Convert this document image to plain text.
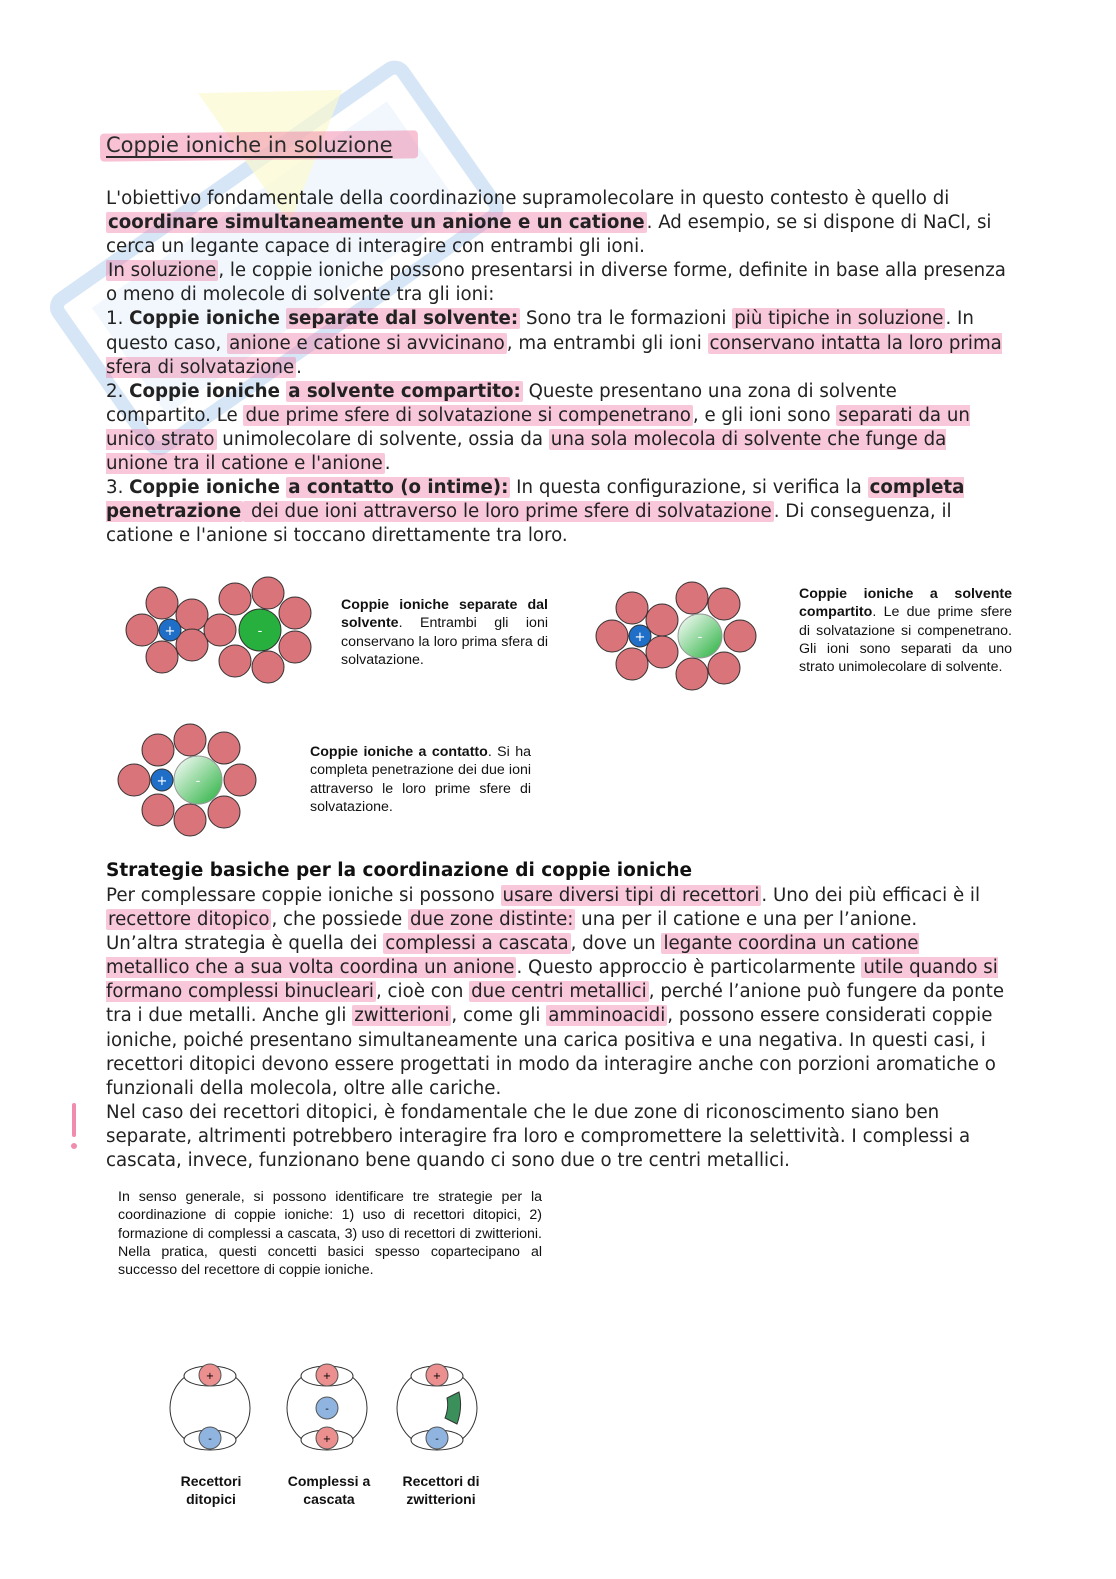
Coppie ioniche in soluzione

L'obiettivo fondamentale della coordinazione supramolecolare in questo contesto è quello di coordinare simultaneamente un anione e un catione . Ad esempio, se si dispone di NaCl, si cerca un legante capace di interagire con entrambi gli ioni.

In soluzione , le coppie ioniche possono presentarsi in diverse forme, definite in base alla presenza o meno di molecole di solvente tra gli ioni:

1. Coppie ioniche separate dal solvente: Sono tra le formazioni più tipiche in soluzione . In questo caso, anione e catione si avvicinano , ma entrambi gli ioni conservano intatta la loro prima sfera di solvatazione .

2. Coppie ioniche a solvente compartito: Queste presentano una zona di solvente compartito. Le due prime sfere di solvatazione si compenetrano , e gli ioni sono separati da un unico strato unimolecolare di solvente, ossia da una sola molecola di solvente che funge da unione tra il catione e l'anione .

3. Coppie ioniche a contatto (o intime): In questa configurazione, si verifica la completa penetrazione dei due ioni attraverso le loro prime sfere di solvatazione . Di conseguenza, il catione e l'anione si toccano direttamente tra loro.

+	-
Coppie ioniche separate dal solvente. Entrambi gli ioni conservano la loro prima sfera di solvatazione.
+	-
Coppie ioniche a solvente compartito. Le due prime sfere di solvatazione si compenetrano. Gli ioni sono separati da uno strato unimolecolare di solvente.
+ -
Coppie ioniche a contatto. Si ha completa penetrazione dei due ioni attraverso le loro prime sfere di solvatazione.
Strategie basiche per la coordinazione di coppie ioniche

Per complessare coppie ioniche si possono usare diversi tipi di recettori . Uno dei più efficaci è il recettore ditopico , che possiede due zone distinte: una per il catione e una per l’anione.

Un’altra strategia è quella dei complessi a cascata , dove un legante coordina un catione metallico che a sua volta coordina un anione . Questo approccio è particolarmente utile quando si formano complessi binucleari , cioè con due centri metallici , perché l’anione può fungere da ponte tra i due metalli. Anche gli zwitterioni , come gli amminoacidi , possono essere considerati coppie ioniche, poiché presentano simultaneamente una carica positiva e una negativa. In questi casi, i recettori ditopici devono essere progettati in modo da interagire anche con porzioni aromatiche o funzionali della molecola, oltre alle cariche.

Nel caso dei recettori ditopici, è fondamentale che le due zone di riconoscimento siano ben separate, altrimenti potrebbero interagire fra loro e compromettere la selettività. I complessi a cascata, invece, funzionano bene quando ci sono due o tre centri metallici.

In senso generale, si possono identificare tre strategie per la coordinazione di coppie ioniche: 1) uso di recettori ditopici, 2) formazione di complessi a cascata, 3) uso di recettori di zwitterioni. Nella pratica, questi concetti basici spesso copartecipano al successo del recettore di coppie ioniche.
+
-
+
-
+
+
-
Recettori ditopici
Complessi a cascata
Recettori di zwitterioni
